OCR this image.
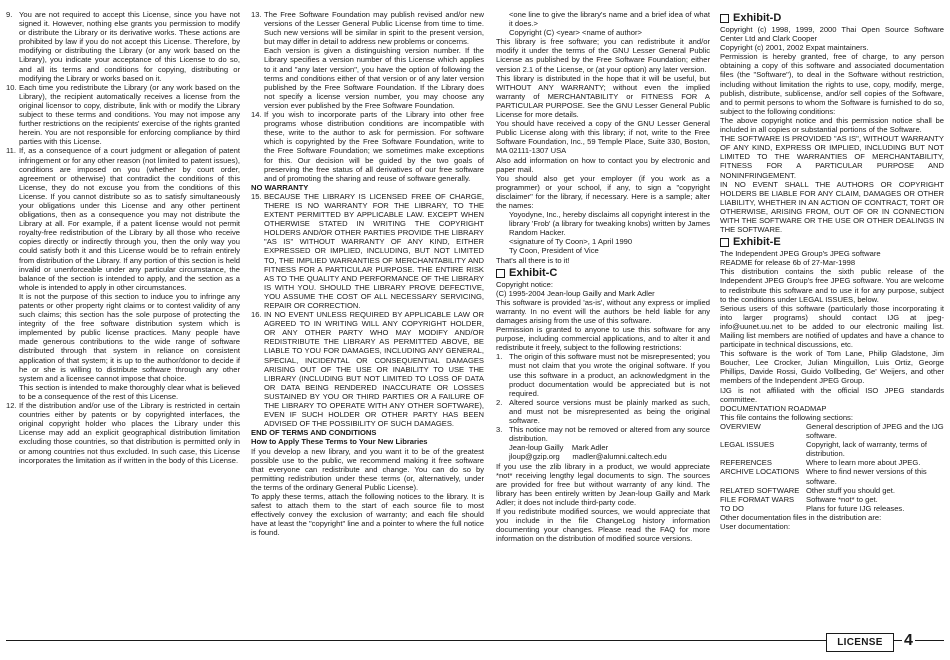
9. You are not required to accept this License, since you have not signed it. However, nothing else grants you permission to modify or distribute the Library or its derivative works. These actions are prohibited by law if you do not accept this License. Therefore, by modifying or distributing the Library (or any work based on the Library), you indicate your acceptance of this License to do so, and all its terms and conditions for copying, distributing or modifying the Library or works based on it.
10. Each time you redistribute the Library (or any work based on the Library), the recipient automatically receives a license from the original licensor to copy, distribute, link with or modify the Library subject to these terms and conditions. You may not impose any further restrictions on the recipients' exercise of the rights granted herein. You are not responsible for enforcing compliance by third parties with this License.
11. If, as a consequence of a court judgment or allegation of patent infringement or for any other reason (not limited to patent issues), conditions are imposed on you (whether by court order, agreement or otherwise) that contradict the conditions of this License, they do not excuse you from the conditions of this License. If you cannot distribute so as to satisfy simultaneously your obligations under this License and any other pertinent obligations, then as a consequence you may not distribute the Library at all. For example, if a patent license would not permit royalty-free redistribution of the Library by all those who receive copies directly or indirectly through you, then the only way you could satisfy both it and this License would be to refrain entirely from distribution of the Library. If any portion of this section is held invalid or unenforceable under any particular circumstance, the balance of the section is intended to apply, and the section as a whole is intended to apply in other circumstances.

It is not the purpose of this section to induce you to infringe any patents or other property right claims or to contest validity of any such claims; this section has the sole purpose of protecting the integrity of the free software distribution system which is implemented by public license practices. Many people have made generous contributions to the wide range of software distributed through that system in reliance on consistent application of that system; it is up to the author/donor to decide if he or she is willing to distribute software through any other system and a licensee cannot impose that choice.

This section is intended to make thoroughly clear what is believed to be a consequence of the rest of this License.

12. If the distribution and/or use of the Library is restricted in certain countries either by patents or by copyrighted interfaces, the original copyright holder who places the Library under this License may add an explicit geographical distribution limitation excluding those countries, so that distribution is permitted only in or among countries not thus excluded. In such case, this License incorporates the limitation as if written in the body of this License.
13. The Free Software Foundation may publish revised and/or new versions of the Lesser General Public License from time to time. Such new versions will be similar in spirit to the present version, but may differ in detail to address new problems or concerns.

Each version is given a distinguishing version number. If the Library specifies a version number of this License which applies to it and "any later version", you have the option of following the terms and conditions either of that version or of any later version published by the Free Software Foundation. If the Library does not specify a license version number, you may choose any version ever published by the Free Software Foundation.

14. If you wish to incorporate parts of the Library into other free programs whose distribution conditions are incompatible with these, write to the author to ask for permission. For software which is copyrighted by the Free Software Foundation, write to the Free Software Foundation; we sometimes make exceptions for this. Our decision will be guided by the two goals of preserving the free status of all derivatives of our free software and of promoting the sharing and reuse of software generally.

NO WARRANTY

15. BECAUSE THE LIBRARY IS LICENSED FREE OF CHARGE, THERE IS NO WARRANTY FOR THE LIBRARY, TO THE EXTENT PERMITTED BY APPLICABLE LAW. EXCEPT WHEN OTHERWISE STATED IN WRITING THE COPYRIGHT HOLDERS AND/OR OTHER PARTIES PROVIDE THE LIBRARY "AS IS" WITHOUT WARRANTY OF ANY KIND, EITHER EXPRESSED OR IMPLIED, INCLUDING, BUT NOT LIMITED TO, THE IMPLIED WARRANTIES OF MERCHANTABILITY AND FITNESS FOR A PARTICULAR PURPOSE. THE ENTIRE RISK AS TO THE QUALITY AND PERFORMANCE OF THE LIBRARY IS WITH YOU. SHOULD THE LIBRARY PROVE DEFECTIVE, YOU ASSUME THE COST OF ALL NECESSARY SERVICING, REPAIR OR CORRECTION.
16. IN NO EVENT UNLESS REQUIRED BY APPLICABLE LAW OR AGREED TO IN WRITING WILL ANY COPYRIGHT HOLDER, OR ANY OTHER PARTY WHO MAY MODIFY AND/OR REDISTRIBUTE THE LIBRARY AS PERMITTED ABOVE, BE LIABLE TO YOU FOR DAMAGES, INCLUDING ANY GENERAL, SPECIAL, INCIDENTAL OR CONSEQUENTIAL DAMAGES ARISING OUT OF THE USE OR INABILITY TO USE THE LIBRARY (INCLUDING BUT NOT LIMITED TO LOSS OF DATA OR DATA BEING RENDERED INACCURATE OR LOSSES SUSTAINED BY YOU OR THIRD PARTIES OR A FAILURE OF THE LIBRARY TO OPERATE WITH ANY OTHER SOFTWARE), EVEN IF SUCH HOLDER OR OTHER PARTY HAS BEEN ADVISED OF THE POSSIBILITY OF SUCH DAMAGES.

END OF TERMS AND CONDITIONS

How to Apply These Terms to Your New Libraries

If you develop a new library, and you want it to be of the greatest possible use to the public, we recommend making it free software that everyone can redistribute and change. You can do so by permitting redistribution under these terms (or, alternatively, under the terms of the ordinary General Public License).

To apply these terms, attach the following notices to the library. It is safest to attach them to the start of each source file to most effectively convey the exclusion of warranty; and each file should have at least the "copyright" line and a pointer to where the full notice is found.

<one line to give the library's name and a brief idea of what it does.>

Copyright (C) <year> <name of author>

This library is free software; you can redistribute it and/or modify it under the terms of the GNU Lesser General Public License as published by the Free Software Foundation; either version 2.1 of the License, or (at your option) any later version.

This library is distributed in the hope that it will be useful, but WITHOUT ANY WARRANTY; without even the implied warranty of MERCHANTABILITY or FITNESS FOR A PARTICULAR PURPOSE. See the GNU Lesser General Public License for more details.

You should have received a copy of the GNU Lesser General Public License along with this library; if not, write to the Free Software Foundation, Inc., 59 Temple Place, Suite 330, Boston, MA 02111-1307 USA

Also add information on how to contact you by electronic and paper mail.

You should also get your employer (if you work as a programmer) or your school, if any, to sign a "copyright disclaimer" for the library, if necessary. Here is a sample; alter the names:

Yoyodyne, Inc., hereby disclaims all copyright interest in the library 'Frob' (a library for tweaking knobs) written by James Random Hacker.

<signature of Ty Coon>, 1 April 1990

Ty Coon, President of Vice

That's all there is to it!

Exhibit-C

Copyright notice:

(C) 1995-2004 Jean-loup Gailly and Mark Adler

This software is provided 'as-is', without any express or implied warranty. In no event will the authors be held liable for any damages arising from the use of this software.

Permission is granted to anyone to use this software for any purpose, including commercial applications, and to alter it and redistribute it freely, subject to the following restrictions:

1. The origin of this software must not be misrepresented; you must not claim that you wrote the original software. If you use this software in a product, an acknowledgment in the product documentation would be appreciated but is not required.
2. Altered source versions must be plainly marked as such, and must not be misrepresented as being the original software.
3. This notice may not be removed or altered from any source distribution.

Jean-loup Gailly    Mark Adler

jloup@gzip.org      madler@alumni.caltech.edu

If you use the zlib library in a product, we would appreciate *not* receiving lengthy legal documents to sign. The sources are provided for free but without warranty of any kind. The library has been entirely written by Jean-loup Gailly and Mark Adler; it does not include third-party code.

If you redistribute modified sources, we would appreciate that you include in the file ChangeLog history information documenting your changes. Please read the FAQ for more information on the distribution of modified source versions.

Exhibit-D

Copyright (c) 1998, 1999, 2000 Thai Open Source Software Center Ltd and Clark Cooper

Copyright (c) 2001, 2002 Expat maintainers.

Permission is hereby granted, free of charge, to any person obtaining a copy of this software and associated documentation files (the "Software"), to deal in the Software without restriction, including without limitation the rights to use, copy, modify, merge, publish, distribute, sublicense, and/or sell copies of the Software, and to permit persons to whom the Software is furnished to do so, subject to the following conditions:

The above copyright notice and this permission notice shall be included in all copies or substantial portions of the Software.

THE SOFTWARE IS PROVIDED "AS IS", WITHOUT WARRANTY OF ANY KIND, EXPRESS OR IMPLIED, INCLUDING BUT NOT LIMITED TO THE WARRANTIES OF MERCHANTABILITY, FITNESS FOR A PARTICULAR PURPOSE AND NONINFRINGEMENT.

IN NO EVENT SHALL THE AUTHORS OR COPYRIGHT HOLDERS BE LIABLE FOR ANY CLAIM, DAMAGES OR OTHER LIABILITY, WHETHER IN AN ACTION OF CONTRACT, TORT OR OTHERWISE, ARISING FROM, OUT OF OR IN CONNECTION WITH THE SOFTWARE OR THE USE OR OTHER DEALINGS IN THE SOFTWARE.

Exhibit-E

The Independent JPEG Group's JPEG software

README for release 6b of 27-Mar-1998

This distribution contains the sixth public release of the Independent JPEG Group's free JPEG software. You are welcome to redistribute this software and to use it for any purpose, subject to the conditions under LEGAL ISSUES, below.

Serious users of this software (particularly those incorporating it into larger programs) should contact IJG at jpeg-info@uunet.uu.net to be added to our electronic mailing list. Mailing list members are notified of updates and have a chance to participate in technical discussions, etc.

This software is the work of Tom Lane, Philip Gladstone, Jim Boucher, Lee Crocker, Julian Minguillon, Luis Ortiz, George Phillips, Davide Rossi, Guido Vollbeding, Ge' Weijers, and other members of the Independent JPEG Group.

IJG is not affiliated with the official ISO JPEG standards committee.

DOCUMENTATION ROADMAP

This file contains the following sections:

OVERVIEW	General description of JPEG and the IJG software.
LEGAL ISSUES	Copyright, lack of warranty, terms of distribution.
REFERENCES	Where to learn more about JPEG.
ARCHIVE LOCATIONS Where to find newer versions of this software.
RELATED SOFTWARE Other stuff you should get.
FILE FORMAT WARS	Software *not* to get.
TO DO	Plans for future IJG releases.

Other documentation files in the distribution are:

User documentation:

LICENSE	4
